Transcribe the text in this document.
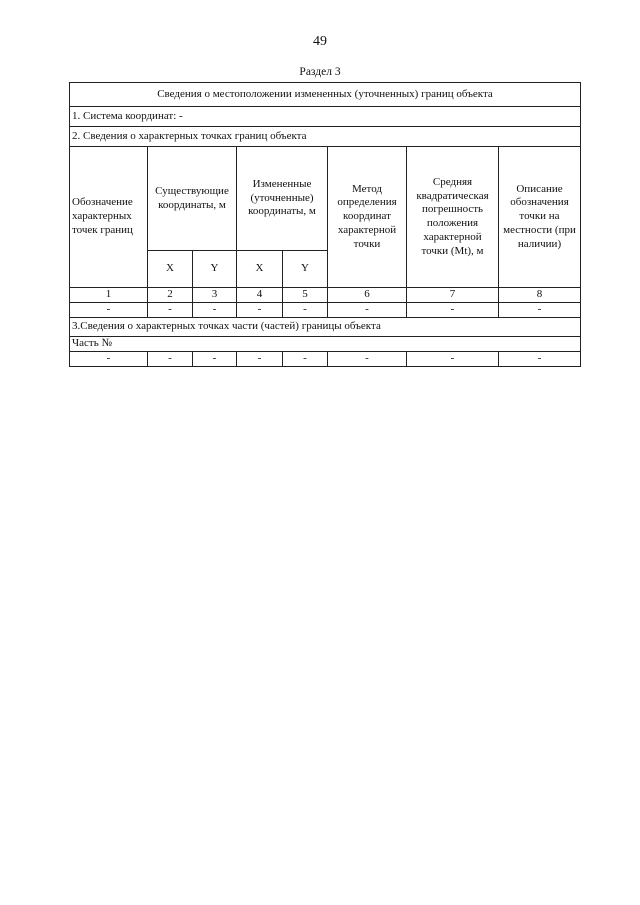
49
Раздел 3
Сведения о местоположении измененных (уточненных) границ объекта							
1. Система координат: -							
2. Сведения о характерных точках границ объекта							
Обозначение характерных точек границ	Существующие координаты, м		Измененные (уточненные) координаты, м		Метод определения координат характерной точки	Средняя квадратическая погрешность положения характерной точки (Mt), м	Описание обозначения точки на местности (при наличии)
	X	Y	X	Y			
1	2	3	4	5	6	7	8
-	-	-	-	-	-	-	-
3.Сведения о характерных точках части (частей) границы объекта							
Часть №							
-	-	-	-	-	-	-	-
